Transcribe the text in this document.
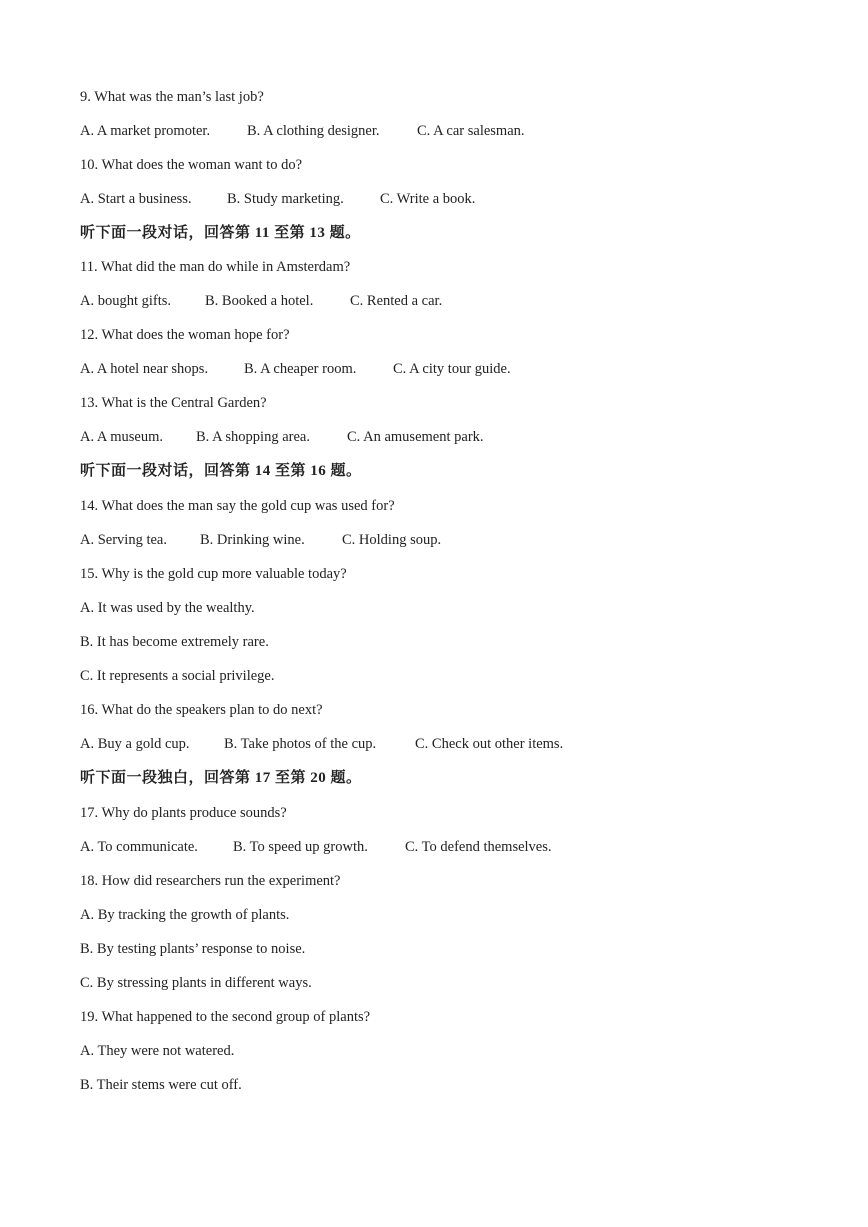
9. What was the man’s last job?
A. A market promoter.	B. A clothing designer.	C. A car salesman.
10. What does the woman want to do?
A. Start a business. B. Study marketing. C. Write a book.
听下面一段对话，回答第 11 至第 13 题。
11. What did the man do while in Amsterdam?
A. bought gifts. B. Booked a hotel.	C. Rented a car.
12. What does the woman hope for?
A. A hotel near shops. B. A cheaper room.	C. A city tour guide.
13. What is the Central Garden?
A. A museum. B. A shopping area.	C. An amusement park.
听下面一段对话，回答第 14 至第 16 题。
14. What does the man say the gold cup was used for?
A. Serving tea. B. Drinking wine.	C. Holding soup.
15. Why is the gold cup more valuable today?
A. It was used by the wealthy.
B. It has become extremely rare.
C. It represents a social privilege.
16. What do the speakers plan to do next?
A. Buy a gold cup. B. Take photos of the cup.	C. Check out other items.
听下面一段独白，回答第 17 至第 20 题。
17. Why do plants produce sounds?
A. To communicate. B. To speed up growth.	C. To defend themselves.
18. How did researchers run the experiment?
A. By tracking the growth of plants.
B. By testing plants’ response to noise.
C. By stressing plants in different ways.
19. What happened to the second group of plants?
A. They were not watered.
B. Their stems were cut off.
